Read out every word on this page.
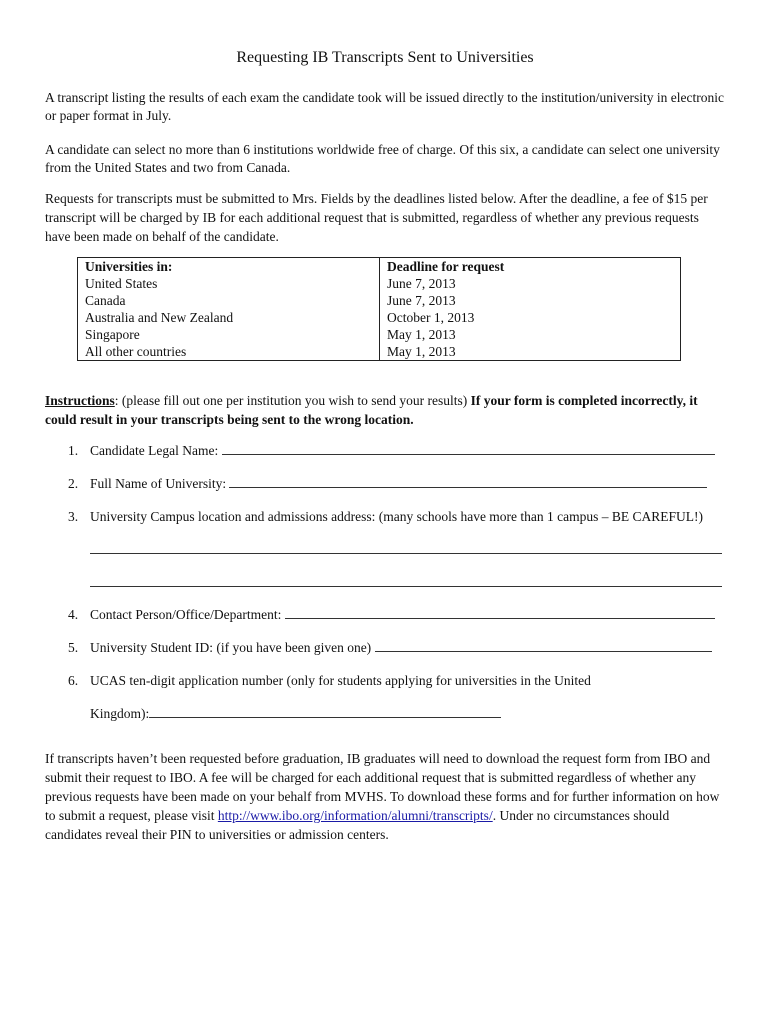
Requesting IB Transcripts Sent to Universities

A transcript listing the results of each exam the candidate took will be issued directly to the institution/university in electronic or paper format in July.

A candidate can select no more than 6 institutions worldwide free of charge. Of this six, a candidate can select one university from the United States and two from Canada.

Requests for transcripts must be submitted to Mrs. Fields by the deadlines listed below. After the deadline, a fee of $15 per transcript will be charged by IB for each additional request that is submitted, regardless of whether any previous requests have been made on behalf of the candidate.

Universities in:	Deadline for request
United States	June 7, 2013
Canada	June 7, 2013
Australia and New Zealand	October 1, 2013
Singapore	May 1, 2013
All other countries	May 1, 2013
Instructions: (please fill out one per institution you wish to send your results) If your form is completed incorrectly, it could result in your transcripts being sent to the wrong location.
1. Candidate Legal Name:
2. Full Name of University:
3. University Campus location and admissions address: (many schools have more than 1 campus – BE CAREFUL!)
4. Contact Person/Office/Department:
5. University Student ID: (if you have been given one)
6. UCAS ten-digit application number (only for students applying for universities in the United
Kingdom):
If transcripts haven’t been requested before graduation, IB graduates will need to download the request form from IBO and submit their request to IBO. A fee will be charged for each additional request that is submitted regardless of whether any previous requests have been made on your behalf from MVHS. To download these forms and for further information on how to submit a request, please visit http://www.ibo.org/information/alumni/transcripts/. Under no circumstances should candidates reveal their PIN to universities or admission centers.
